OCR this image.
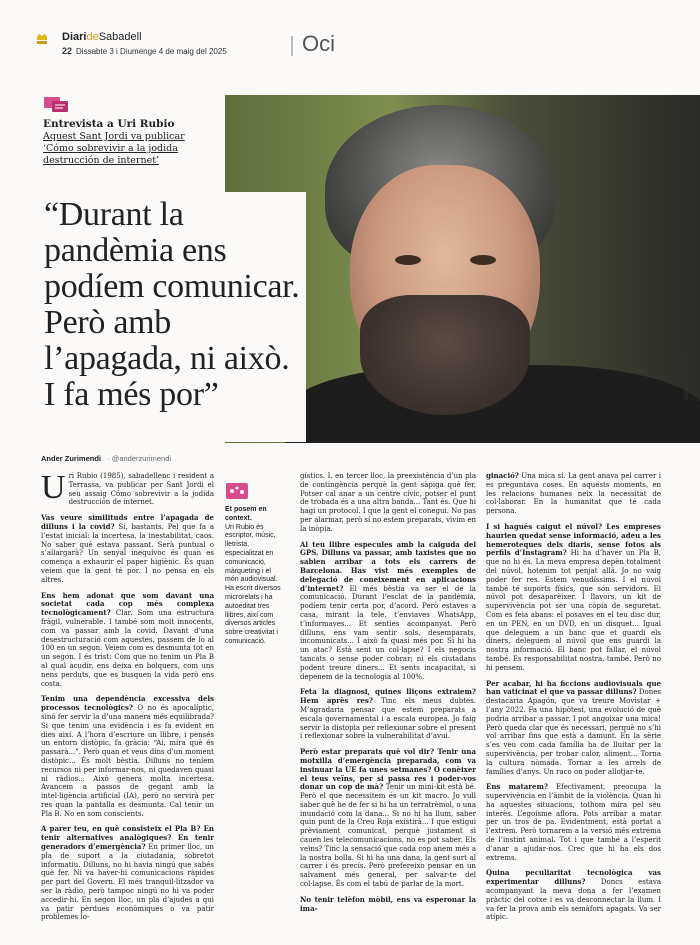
DiarideSabadell
22 Dissabte 3 i Diumenge 4 de maig del 2025	Oci
ALBERTO TALLÓN
Entrevista a Uri Rubio
Aquest Sant Jordi va publicar
‘Cómo sobrevivir a la jodida
destrucción de internet’
“Durant la pandèmia ens podíem comunicar. Però amb l’apagada, ni això. I fa més por”
Ander Zurimendi · @anderzurimendi

Uri Rubio (1985), sabadellenc i resident a Terrassa, va publicar per Sant Jordi el seu assaig Cómo sobrevivir a la jodida destrucción de internet.

Vas veure similituds entre l’apagada de dilluns i la covid? Sí, bastants. Pel que fa a l’estat inicial: la incertesa, la inestabilitat, caos. No saber què estava passant. Serà puntual o s’allargarà? Un senyal inequívoc és quan es comença a exhaurir el paper higiènic. És quan veiem que la gent té por. I no pensa en els altres.

Ens hem adonat que som davant una societat cada cop més complexa tecnològicament? Clar. Som una estructura fràgil, vulnerable. I també som molt innocents, com va passar amb la covid. Davant d’una desestructuració com aquestes, passem de lo al 100 en un segon. Veiem com es desmunta tot en un segon. I és trist: Com que no tenim un Pla B al qual acudir, ens deixa en bolquers, com uns nens perduts, que es busquen la vida però ens costa.

Tenim una dependència excessiva dels processos tecnològics? O no és apocalíptic, sinó fer servir la d’una manera més equilibrada? Si que tenim una evidència i es fa evident en dies així. A l’hora d’escriure un llibre, i pensés un entorn distòpic, fa gràcia: “Ai, mira què és passarà...”. Però quan et veus dins d’un moment distòpic... És molt bèstia. Dilluns no teníem recursos ni per informar-nos, ni quedaven quasi ni ràdios... Això genera molta incertesa. Avancem a passos de gegant amb la intel·ligència artificial (IA), però no servirà per res quan la pantalla es desmunta. Cal tenir un Pla B. No en som conscients.

A parer teu, en què consisteix el Pla B? En tenir alternatives analògiques? En tenir generadors d’emergència? En primer lloc, un pla de suport a la ciutadania, sobretot informatiu. Dilluns, no hi havia ningú que sabés què fer. Ni va haver-hi comunicacions ràpides per part del Govern. El més tranquil·litzador va ser la ràdio, però tampoc ningú no hi va poder accedir-hi. En segon lloc, un pla d’ajudes a qui va patir pèrdues econòmiques o va patir problemes lo-

Et posem en context.
Uri Rubio és escriptor, músic, lletrista, especialitzat en comunicació, màrqueting i el món audiovisual. Ha escrit diversos microrelats i ha autoeditat tres llibres, així com diversos articles sobre creativitat i comunicació.

gístics. I, en tercer lloc, la preexistència d’un pla de contingència perquè la gent sàpiga què fer. Potser cal anar a un centre cívic, potser el punt de trobada és a una altra banda... Tant és. Que hi hagi un protocol. I que la gent el conegui. No pas per alarmar, però sí no estem preparats, vivim en la inòpia.

Al teu llibre especules amb la caiguda del GPS. Dilluns va passar, amb taxistes que no sabien arribar a tots els carrers de Barcelona. Has vist més exemples de delegació de coneixement en aplicacions d’internet? El més bèstia va ser el de la comunicació. Durant l’esclat de la pandèmia, podíem tenir certa por, d’acord. Però estaves a casa, mirant la tele, t’enviaves WhatsApp, t’informaves... Et senties acompanyat. Però dilluns, ens vam sentir sols, desemparats, incomunicats... I això fa quasi més por. Si hi ha un atac? Està sent un col·lapse? I els negocis tancats o sense poder cobrar; ni els ciutadans podent treure diners... Et sents incapacitat, si depenem de la tecnologia al 100%.

Feta la diagnosi, quines lliçons extraiem? Hem après res? Tinc els meus dubtes. M’agradaria pensar que estem preparats a escala governamental i a escala europea. Jo faig servir la distopia per reflexionar sobre el present i reflexionar sobre la vulnerabilitat d’avui.

Però estar preparats què vol dir? Tenir una motxilla d’emergència preparada, com va insinuar la UE fa unes setmanes? O conèixer el teus veïns, per si passa res i poder-vos donar un cop de mà? Tenir un mini-kit està bé. Però el que necessitem és un kit macro. Jo vull saber què he de fer si hi ha un terratrèmol, o una inundació com la dana... Si no hi ha llum, saber quin punt de la Creu Roja existirà... I que estigui prèviament comunicat, perquè justament si cauen les telecomunicacions, no es pot saber. Els veïns? Tinc la sensació que cada cop anem més a la nostra bolla. Si hi ha una dana, la gent surt al carrer i és precís. Però prefereixo pensar en un salvament més general, per salvar-te del col·lapse. És com el tabú de parlar de la mort.

No tenir telèfon mòbil, ens va esperonar la ima-

ginació? Una mica sí. La gent anava pel carrer i es preguntava coses. En aquests moments, en les relacions humanes neix la necessitat de col·laborar. En la humanitat que té cada persona.

I si hagués caigut el núvol? Les empreses haurien quedat sense informació, adeu a les hemeroteques dels diaris, sense fotos als perfils d’Instagram? Hi ha d’haver un Pla B, que no hi és. La meva empresa depèn totalment del núvol, hotenim tot penjat allà. Jo no vaig poder fer res. Estem venudíssims. I el núvol també té suports físics, que són servidors. El núvol pot desaparèixer. I llavors, un kit de supervivència pot ser una còpia de seguretat. Com es feia abans: el posaves en el teu disc dur, en un PEN, en un DVD, en un disquet... Igual que deleguem a un banc que et guardi els diners, deleguem al núvol que ens guardi la nostra informació. El banc pot fallar, el núvol també. Es responsabilitat nostra, també. Però no hi pensem.

Per acabar, hi ha ficcions audiovisuals que han vaticinat el que va passar dilluns? Dones destacaria Apagón, que va treure Movistar + l’any 2022. Fa una hipòtesi, una evolució de què podria arribar a passar. I pot angoixar una mica! Però queda clar que és necessari, perquè no s’hi vol arribar fins que està a damunt. En la sèrie s’es veu com cada família ha de lluitar per la supervivència, per trobar calor, aliment... Torna la cultura nòmada. Tornar a les arrels de famílies d’anys. Un raco on poder allotjar-te.

Ens matarem? Efectivament, preocupa la supervivència en l’àmbit de la violència. Quan hi ha aquestes situacions, tothom mira pel seu interès. L’egoisme aflora. Pots arribar a matar per un tros de pa. Evidentment, està portat a l’extrem. Però tornarem a la versió més extrema de l’instint animal. Tot i que també a l’esperit d’anar a ajudar-nos. Crec que hi ha els dos extrems.

Quina peculiaritat tecnològica vas experimentar dilluns? Doncs estava acompanyant la meva dona a fer l’examen pràctic del cotxe i es va desconnectar la llum. I va fer la prova amb els semàfors apagats. Va ser atípic.
